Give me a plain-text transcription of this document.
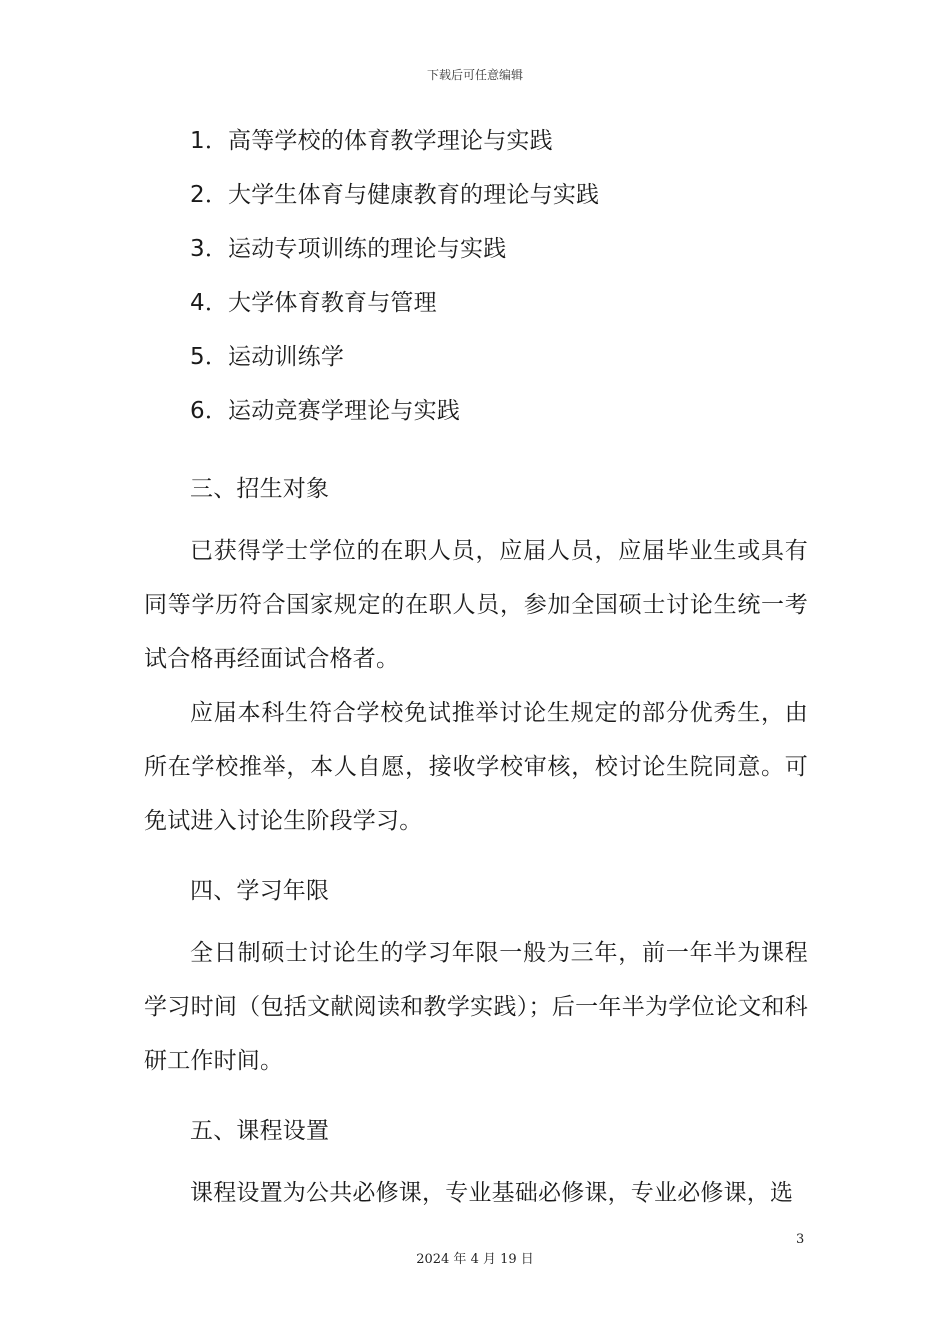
下载后可任意编辑
1．高等学校的体育教学理论与实践
2．大学生体育与健康教育的理论与实践
3．运动专项训练的理论与实践
4．大学体育教育与管理
5．运动训练学
6．运动竞赛学理论与实践
三、招生对象

已获得学士学位的在职人员，应届人员，应届毕业生或具有同等学历符合国家规定的在职人员，参加全国硕士讨论生统一考试合格再经面试合格者。

应届本科生符合学校免试推举讨论生规定的部分优秀生，由所在学校推举，本人自愿，接收学校审核，校讨论生院同意。可免试进入讨论生阶段学习。

四、学习年限

全日制硕士讨论生的学习年限一般为三年，前一年半为课程学习时间（包括文献阅读和教学实践）；后一年半为学位论文和科研工作时间。

五、课程设置

课程设置为公共必修课，专业基础必修课，专业必修课，选

3
2024 年 4 月 19 日
